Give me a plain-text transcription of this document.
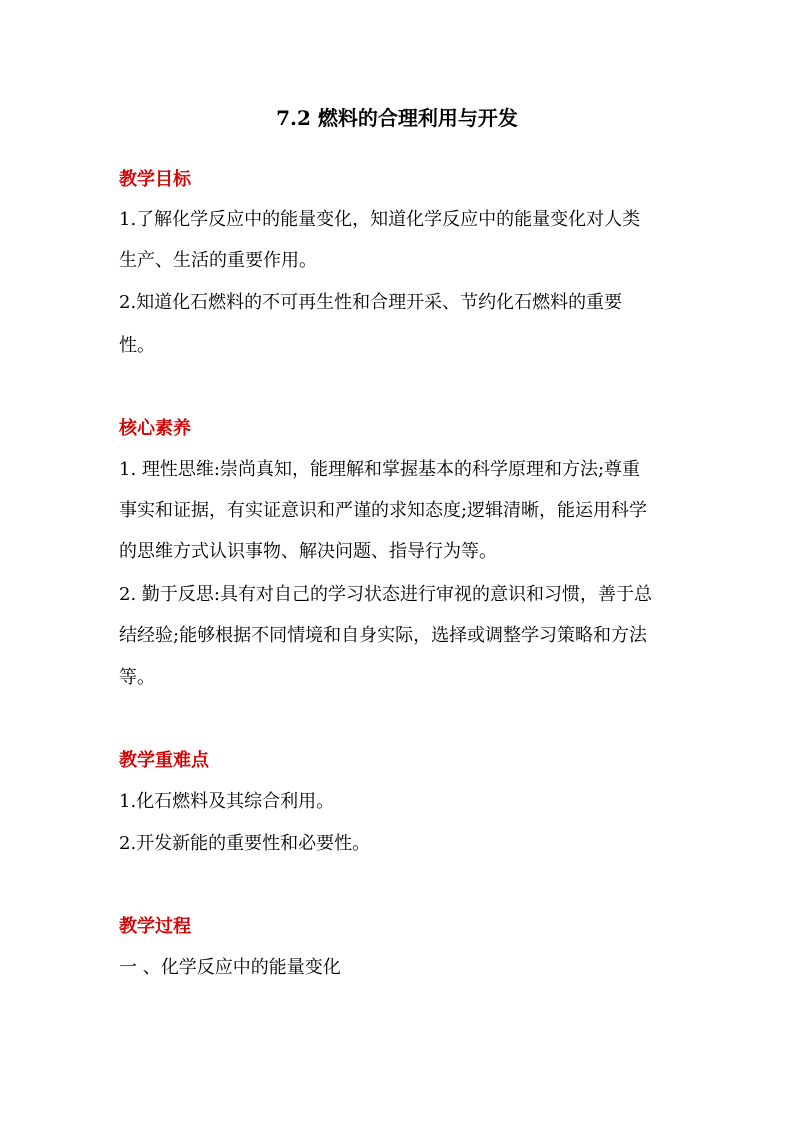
7.2 燃料的合理利用与开发
教学目标
1.了解化学反应中的能量变化，知道化学反应中的能量变化对人类
生产、生活的重要作用。
2.知道化石燃料的不可再生性和合理开采、节约化石燃料的重要
性。
核心素养
1. 理性思维:崇尚真知，能理解和掌握基本的科学原理和方法;尊重
事实和证据，有实证意识和严谨的求知态度;逻辑清晰，能运用科学
的思维方式认识事物、解决问题、指导行为等。
2. 勤于反思:具有对自己的学习状态进行审视的意识和习惯，善于总
结经验;能够根据不同情境和自身实际，选择或调整学习策略和方法
等。
教学重难点
1.化石燃料及其综合利用。
2.开发新能的重要性和必要性。
教学过程
一 、化学反应中的能量变化
